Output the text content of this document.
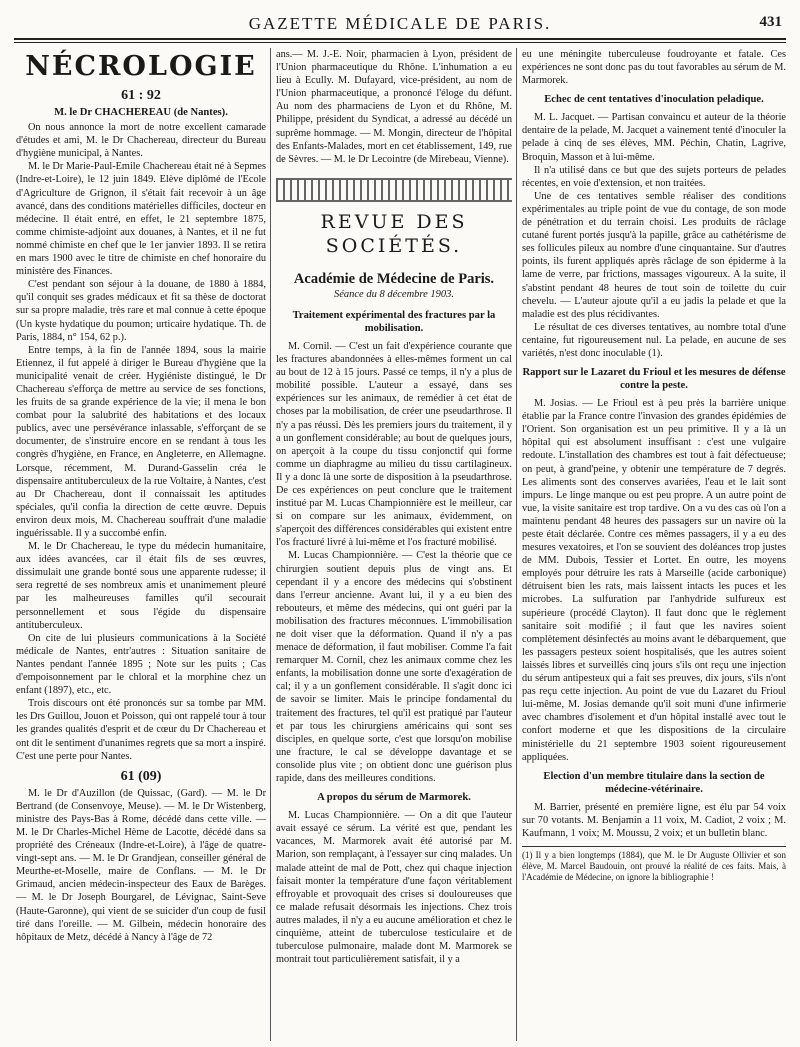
GAZETTE MÉDICALE DE PARIS.	431
NÉCROLOGIE
61 : 92
M. le Dr CHACHEREAU (de Nantes).

On nous annonce la mort de notre excellent camarade d'études et ami, M. le Dr Chachereau, directeur du Bureau d'hygiène municipal, à Nantes.

M. le Dr Marie-Paul-Emile Chachereau était né à Sepmes (Indre-et-Loire), le 12 juin 1849. Elève diplômé de l'Ecole d'Agriculture de Grignon, il s'était fait recevoir à un âge avancé, dans des conditions matérielles difficiles, docteur en médecine. Il était entré, en effet, le 21 septembre 1875, comme chimiste-adjoint aux douanes, à Nantes, et il ne fut nommé chimiste en chef que le 1er janvier 1893. Il se retira en mars 1900 avec le titre de chimiste en chef honoraire du ministère des Finances.

C'est pendant son séjour à la douane, de 1880 à 1884, qu'il conquit ses grades médicaux et fit sa thèse de doctorat sur sa propre maladie, très rare et mal connue à cette époque (Un kyste hydatique du poumon; urticaire hydatique. Th. de Paris, 1884, n° 154, 62 p.).

Entre temps, à la fin de l'année 1894, sous la mairie Etiennez, il fut appelé à diriger le Bureau d'hygiène que la municipalité venait de créer. Hygiéniste distingué, le Dr Chachereau s'efforça de mettre au service de ses fonctions, les fruits de sa grande expérience de la vie; il mena le bon combat pour la salubrité des habitations et des locaux publics, avec une persévérance inlassable, s'efforçant de se documenter, de s'instruire encore en se rendant à tous les congrès d'hygiène, en France, en Angleterre, en Allemagne. Lorsque, récemment, M. Durand-Gasselin créa le dispensaire antituberculeux de la rue Voltaire, à Nantes, c'est au Dr Chachereau, dont il connaissait les aptitudes spéciales, qu'il confia la direction de cette œuvre. Depuis environ deux mois, M. Chachereau souffrait d'une maladie inguérissable. Il y a succombé enfin.

M. le Dr Chachereau, le type du médecin humanitaire, aux idées avancées, car il était fils de ses œuvres, dissimulait une grande bonté sous une apparente rudesse; il sera regretté de ses nombreux amis et unanimement pleuré par les malheureuses familles qu'il secourait personnellement et sous l'égide du dispensaire antituberculeux.

On cite de lui plusieurs communications à la Société médicale de Nantes, entr'autres : Situation sanitaire de Nantes pendant l'année 1895 ; Note sur les puits ; Cas d'empoisonnement par le chloral et la morphine chez un enfant (1897), etc., etc.

Trois discours ont été prononcés sur sa tombe par MM. les Drs Guillou, Jouon et Poisson, qui ont rappelé tour à tour les grandes qualités d'esprit et de cœur du Dr Chachereau et ont dit le sentiment d'unanimes regrets que sa mort a inspiré. C'est une perte pour Nantes.

61 (09)

M. le Dr d'Auzillon (de Quissac, (Gard). — M. le Dr Bertrand (de Consenvoye, Meuse). — M. le Dr Wistenberg, ministre des Pays-Bas à Rome, décédé dans cette ville. — M. le Dr Charles-Michel Hème de Lacotte, décédé dans sa propriété des Créneaux (Indre-et-Loire), à l'âge de quatre-vingt-sept ans. — M. le Dr Grandjean, conseiller général de Meurthe-et-Moselle, maire de Conflans. — M. le Dr Grimaud, ancien médecin-inspecteur des Eaux de Barèges. — M. le Dr Joseph Bourgarel, de Lévignac, Saint-Seve (Haute-Garonne), qui vient de se suicider d'un coup de fusil tiré dans l'oreille. — M. Gilbein, médecin honoraire des hôpitaux de Metz, décédé à Nancy à l'âge de 72

ans.— M. J.-E. Noir, pharmacien à Lyon, président de l'Union pharmaceutique du Rhône. L'inhumation a eu lieu à Ecully. M. Dufayard, vice-président, au nom de l'Union pharmaceutique, a prononcé l'éloge du défunt. Au nom des pharmaciens de Lyon et du Rhône, M. Philippe, président du Syndicat, a adressé au décédé un suprême hommage. — M. Mongin, directeur de l'hôpital des Enfants-Malades, mort en cet établissement, 149, rue de Sèvres. — M. le Dr Lecointre (de Mirebeau, Vienne).

REVUE DES SOCIÉTÉS.
Académie de Médecine de Paris.
Séance du 8 décembre 1903.
Traitement expérimental des fractures par la mobilisation.

M. Cornil. — C'est un fait d'expérience courante que les fractures abandonnées à elles-mêmes forment un cal au bout de 12 à 15 jours. Passé ce temps, il n'y a plus de mobilité possible. L'auteur a essayé, dans ses expériences sur les animaux, de remédier à cet état de choses par la mobilisation, de créer une pseudarthrose. Il n'y a pas réussi. Dès les premiers jours du traitement, il y a un gonflement considérable; au bout de quelques jours, on aperçoit à la coupe du tissu conjonctif qui forme comme un diaphragme au milieu du tissu cartilagineux. Il y a donc là une sorte de disposition à la pseudarthrose. De ces expériences on peut conclure que le traitement institué par M. Lucas Championnière est le meilleur, car si on compare sur les animaux, évidemment, on s'aperçoit des différences considérables qui existent entre l'os fracturé livré à lui-même et l'os fracturé mobilisé.

M. Lucas Championnière. — C'est la théorie que ce chirurgien soutient depuis plus de vingt ans. Et cependant il y a encore des médecins qui s'obstinent dans l'erreur ancienne. Avant lui, il y a eu bien des rebouteurs, et même des médecins, qui ont guéri par la mobilisation des fractures méconnues. L'immobilisation ne doit viser que la déformation. Quand il n'y a pas menace de déformation, il faut mobiliser. Comme l'a fait remarquer M. Cornil, chez les animaux comme chez les enfants, la mobilisation donne une sorte d'exagération de cal; il y a un gonflement considérable. Il s'agit donc ici de savoir se limiter. Mais le principe fondamental du traitement des fractures, tel qu'il est pratiqué par l'auteur et par tous les chirurgiens américains qui sont ses disciples, en quelque sorte, c'est que lorsqu'on mobilise une fracture, le cal se développe davantage et se consolide plus vite ; on obtient donc une guérison plus rapide, dans des meilleures conditions.

A propos du sérum de Marmorek.

M. Lucas Championnière. — On a dit que l'auteur avait essayé ce sérum. La vérité est que, pendant les vacances, M. Marmorek avait été autorisé par M. Marion, son remplaçant, à l'essayer sur cinq malades. Un malade atteint de mal de Pott, chez qui chaque injection faisait monter la température d'une façon véritablement effroyable et provoquait des crises si douloureuses que ce malade refusait désormais les injections. Chez trois autres malades, il n'y a eu aucune amélioration et chez le cinquième, atteint de tuberculose testiculaire et de tuberculose pulmonaire, malade dont M. Marmorek se montrait tout particulièrement satisfait, il y a

eu une méningite tuberculeuse foudroyante et fatale. Ces expériences ne sont donc pas du tout favorables au sérum de M. Marmorek.

Echec de cent tentatives d'inoculation peladique.

M. L. Jacquet. — Partisan convaincu et auteur de la théorie dentaire de la pelade, M. Jacquet a vainement tenté d'inoculer la pelade à cinq de ses élèves, MM. Péchin, Chatin, Lagrive, Broquin, Masson et à lui-même.

Il n'a utilisé dans ce but que des sujets porteurs de pelades récentes, en voie d'extension, et non traitées.

Une de ces tentatives semble réaliser des conditions expérimentales au triple point de vue du contage, de son mode de pénétration et du terrain choisi. Les produits de râclage cutané furent portés jusqu'à la papille, grâce au cathétérisme de ses follicules pileux au nombre d'une cinquantaine. Sur d'autres points, ils furent appliqués après râclage de son épiderme à la lame de verre, par frictions, massages vigoureux. A la suite, il s'abstint pendant 48 heures de tout soin de toilette du cuir chevelu. — L'auteur ajoute qu'il a eu jadis la pelade et que la maladie est des plus récidivantes.

Le résultat de ces diverses tentatives, au nombre total d'une centaine, fut rigoureusement nul. La pelade, en aucune de ses variétés, n'est donc inoculable (1).

Rapport sur le Lazaret du Frioul et les mesures de défense contre la peste.

M. Josias. — Le Frioul est à peu près la barrière unique établie par la France contre l'invasion des grandes épidémies de l'Orient. Son organisation est un peu primitive. Il y a là un hôpital qui est absolument insuffisant : c'est une vulgaire redoute. L'installation des chambres est tout à fait défectueuse; on peut, à grand'peine, y obtenir une température de 7 degrés. Les aliments sont des conserves avariées, l'eau et le lait sont impurs. Le linge manque ou est peu propre. A un autre point de vue, la visite sanitaire est trop tardive. On a vu des cas où l'on a maintenu pendant 48 heures des passagers sur un navire où la peste était déclarée. Contre ces mêmes passagers, il y a eu des mesures vexatoires, et l'on se souvient des doléances trop justes de MM. Dubois, Tessier et Lortet. En outre, les moyens employés pour détruire les rats à Marseille (acide carbonique) détruisent bien les rats, mais laissent intacts les puces et les microbes. La sulfuration par l'anhydride sulfureux est supérieure (procédé Clayton). Il faut donc que le règlement sanitaire soit modifié ; il faut que les navires soient complètement désinfectés au moins avant le débarquement, que les passagers pesteux soient hospitalisés, que les autres soient laissés libres et surveillés cinq jours s'ils ont reçu une injection du sérum antipesteux qui a fait ses preuves, dix jours, s'ils n'ont pas reçu cette injection. Au point de vue du Lazaret du Frioul lui-même, M. Josias demande qu'il soit muni d'une infirmerie avec chambres d'isolement et d'un hôpital installé avec tout le confort moderne et que les dispositions de la circulaire ministérielle du 21 septembre 1903 soient rigoureusement appliquées.

Election d'un membre titulaire dans la section de médecine-vétérinaire.

M. Barrier, présenté en première ligne, est élu par 54 voix sur 70 votants. M. Benjamin a 11 voix, M. Cadiot, 2 voix ; M. Kaufmann, 1 voix; M. Moussu, 2 voix; et un bulletin blanc.

(1) Il y a bien longtemps (1884), que M. le Dr Auguste Ollivier et son élève, M. Marcel Baudouin, ont prouvé la réalité de ces faits. Mais, à l'Académie de Médecine, on ignore la bibliographie !
